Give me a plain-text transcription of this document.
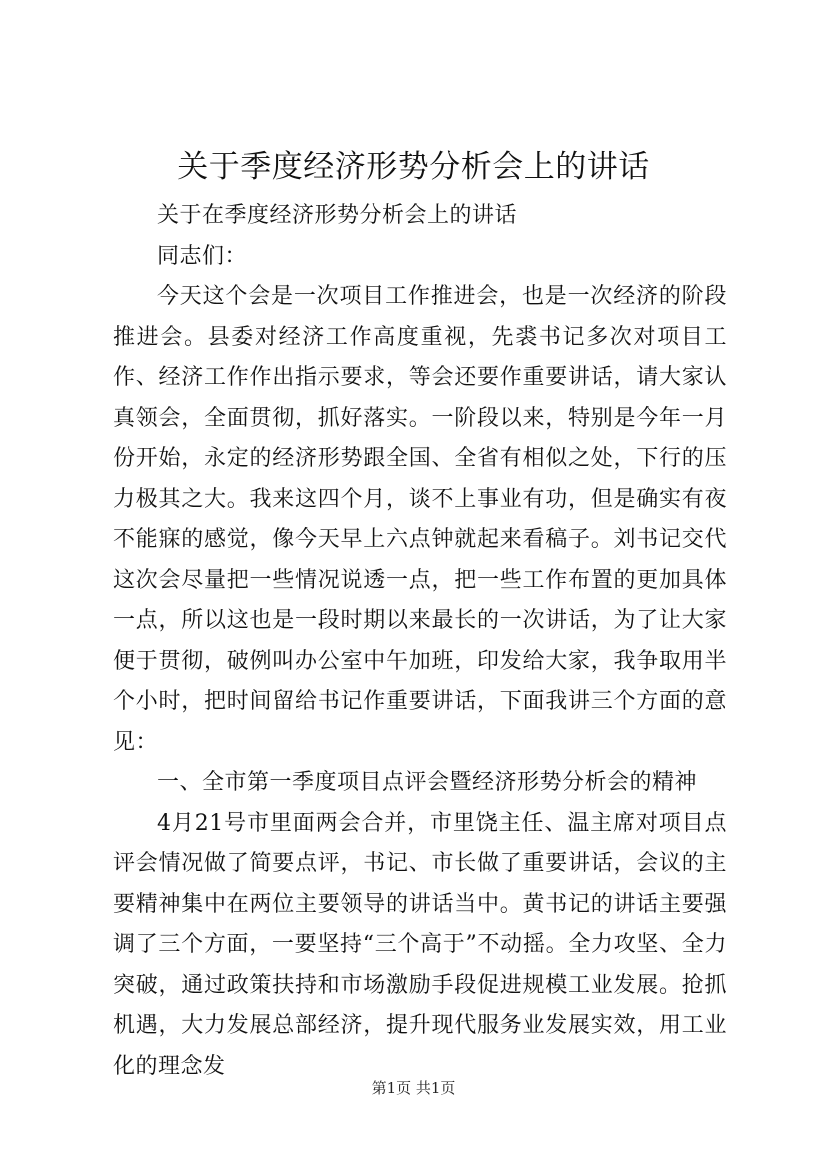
关于季度经济形势分析会上的讲话

关于在季度经济形势分析会上的讲话

同志们：

今天这个会是一次项目工作推进会，也是一次经济的阶段推进会。县委对经济工作高度重视，先裘书记多次对项目工作、经济工作作出指示要求，等会还要作重要讲话，请大家认真领会，全面贯彻，抓好落实。一阶段以来，特别是今年一月份开始，永定的经济形势跟全国、全省有相似之处，下行的压力极其之大。我来这四个月，谈不上事业有功，但是确实有夜不能寐的感觉，像今天早上六点钟就起来看稿子。刘书记交代这次会尽量把一些情况说透一点，把一些工作布置的更加具体一点，所以这也是一段时期以来最长的一次讲话，为了让大家便于贯彻，破例叫办公室中午加班，印发给大家，我争取用半个小时，把时间留给书记作重要讲话，下面我讲三个方面的意见：

一、全市第一季度项目点评会暨经济形势分析会的精神

4月21号市里面两会合并，市里饶主任、温主席对项目点评会情况做了简要点评，书记、市长做了重要讲话，会议的主要精神集中在两位主要领导的讲话当中。黄书记的讲话主要强调了三个方面，一要坚持“三个高于”不动摇。全力攻坚、全力突破，通过政策扶持和市场激励手段促进规模工业发展。抢抓机遇，大力发展总部经济，提升现代服务业发展实效，用工业化的理念发

第1页 共1页
